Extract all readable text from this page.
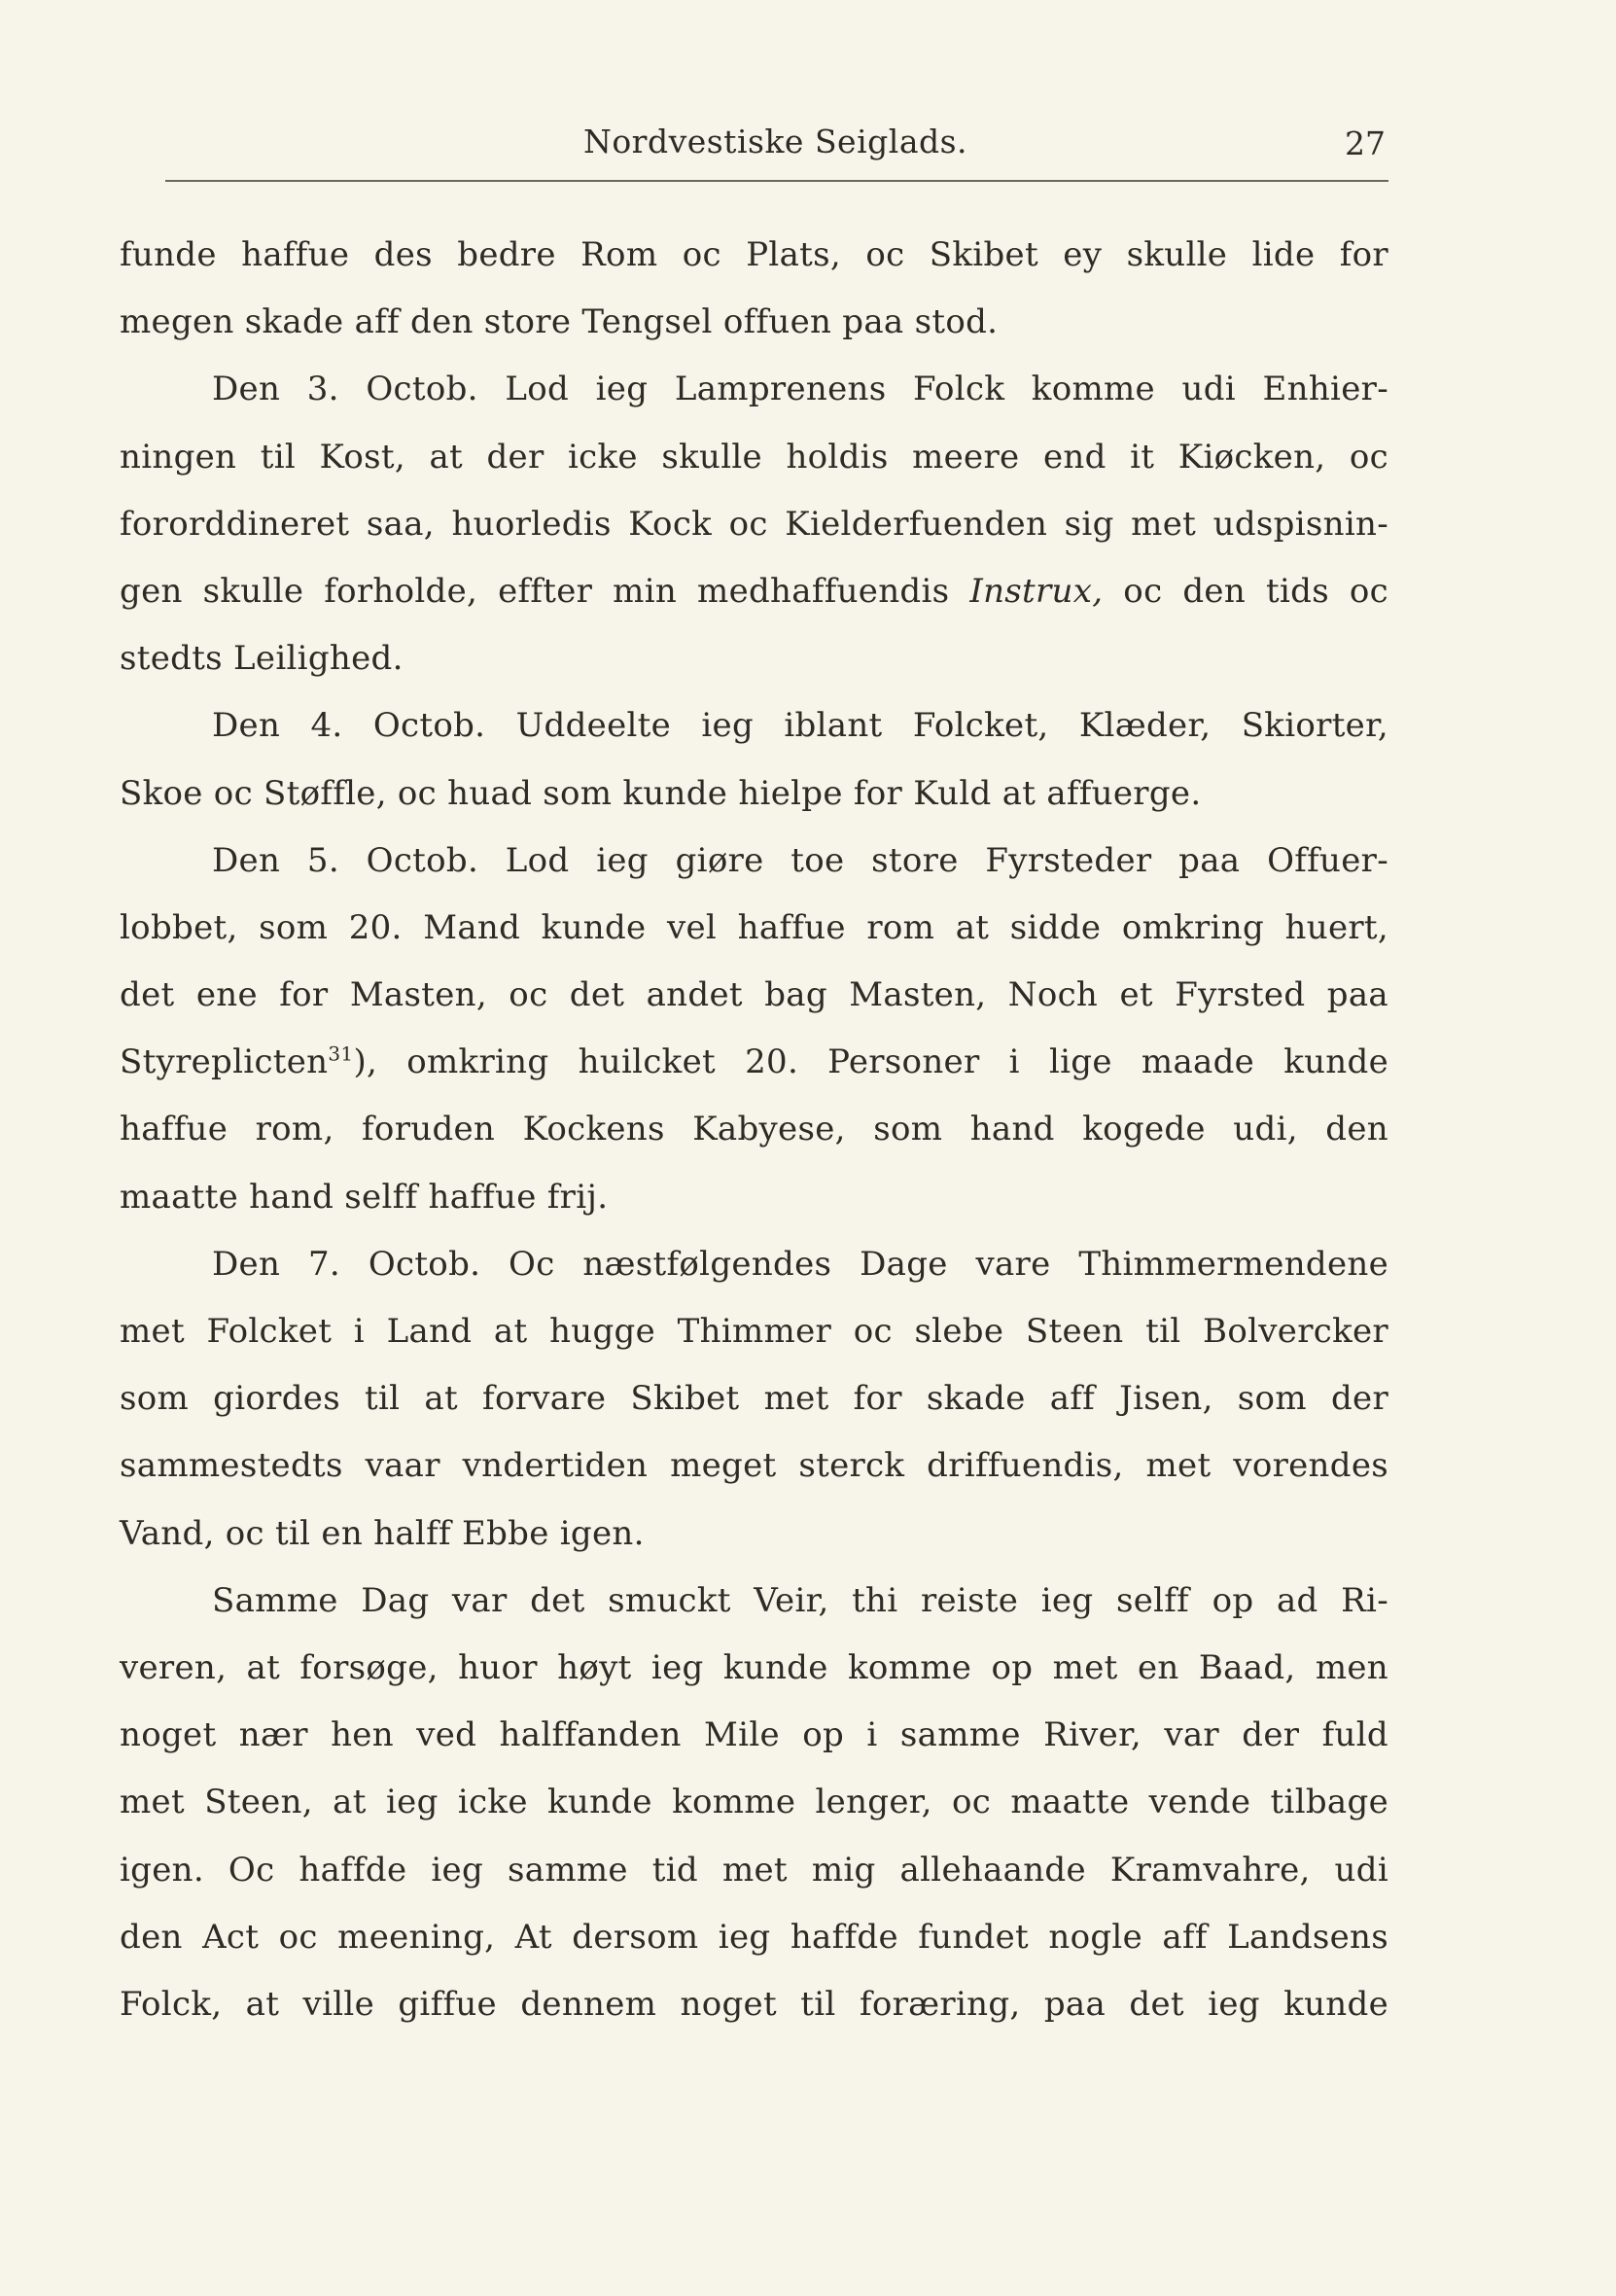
Nordvestiske Seiglads.	27
funde haffue des bedre Rom oc Plats, oc Skibet ey skulle lide for
megen skade aff den store Tengsel offuen paa stod.
Den 3. Octob. Lod ieg Lamprenens Folck komme udi Enhier-
ningen til Kost, at der icke skulle holdis meere end it Kiøcken, oc
fororddineret saa, huorledis Kock oc Kielderfuenden sig met udspisnin-
gen skulle forholde, effter min medhaffuendis Instrux, oc den tids oc
stedts Leilighed.
Den 4. Octob. Uddeelte ieg iblant Folcket, Klæder, Skiorter,
Skoe oc Støffle, oc huad som kunde hielpe for Kuld at affuerge.
Den 5. Octob. Lod ieg giøre toe store Fyrsteder paa Offuer-
lobbet, som 20. Mand kunde vel haffue rom at sidde omkring huert,
det ene for Masten, oc det andet bag Masten, Noch et Fyrsted paa
Styreplicten$^{31}$), omkring huilcket 20. Personer i lige maade kunde
haffue rom, foruden Kockens Kabyese, som hand kogede udi, den
maatte hand selff haffue frij.
Den 7. Octob. Oc næstfølgendes Dage vare Thimmermendene
met Folcket i Land at hugge Thimmer oc slebe Steen til Bolvercker
som giordes til at forvare Skibet met for skade aff Jisen, som der
sammestedts vaar vndertiden meget sterck driffuendis, met vorendes
Vand, oc til en halff Ebbe igen.
Samme Dag var det smuckt Veir, thi reiste ieg selff op ad Ri-
veren, at forsøge, huor høyt ieg kunde komme op met en Baad, men
noget nær hen ved halffanden Mile op i samme River, var der fuld
met Steen, at ieg icke kunde komme lenger, oc maatte vende tilbage
igen. Oc haffde ieg samme tid met mig allehaande Kramvahre, udi
den Act oc meening, At dersom ieg haffde fundet nogle aff Landsens
Folck, at ville giffue dennem noget til foræring, paa det ieg kunde
